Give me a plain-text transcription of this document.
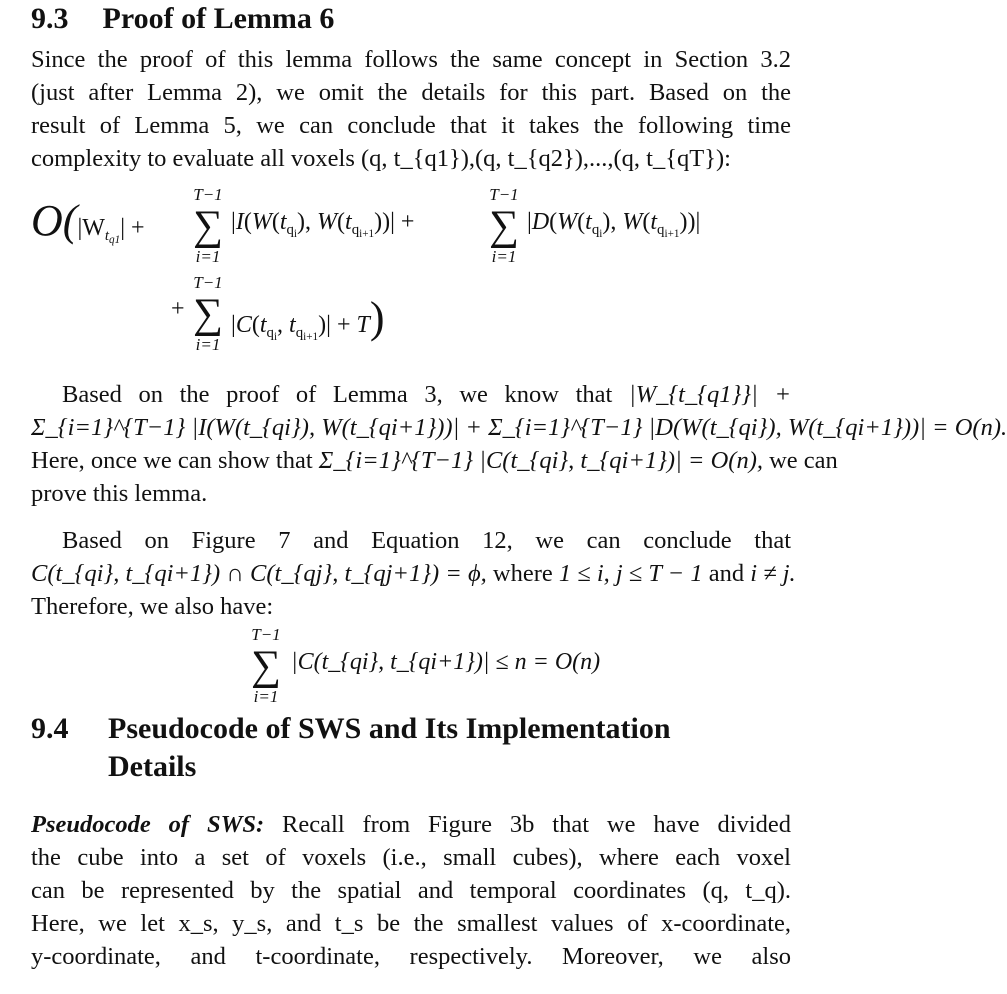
9.3 Proof of Lemma 6
Since the proof of this lemma follows the same concept in Section 3.2
(just after Lemma 2), we omit the details for this part. Based on the
result of Lemma 5, we can conclude that it takes the following time
complexity to evaluate all voxels (q, t_{q1}),(q, t_{q2}),...,(q, t_{qT}):
$O(|W_{tq1}|$ +
T−1
∑
i=1
$|I(W(t_{qi})$, $W(t_{qi+1}))|$ +
T−1
∑
i=1
$|D(W(t_{qi})$, $W(t_{qi+1}))|$
+
T−1
∑
i=1
$|C(t_{qi}$, $t_{qi+1})| + T$)
Based on the proof of Lemma 3, we know that |W_{t_{q1}}| +
Σ_{i=1}^{T−1} |I(W(t_{qi}), W(t_{qi+1}))| + Σ_{i=1}^{T−1} |D(W(t_{qi}), W(t_{qi+1}))| = O(n).
Here, once we can show that Σ_{i=1}^{T−1} |C(t_{qi}, t_{qi+1})| = O(n), we can
prove this lemma.
Based on Figure 7 and Equation 12, we can conclude that
C(t_{qi}, t_{qi+1}) ∩ C(t_{qj}, t_{qj+1}) = ϕ, where 1 ≤ i, j ≤ T − 1 and i ≠ j.
Therefore, we also have:
T−1
∑
i=1
|C(t_{qi}, t_{qi+1})| ≤ n = O(n)
9.4 Pseudocode of SWS and Its Implementation
Details
Pseudocode of SWS: Recall from Figure 3b that we have divided
the cube into a set of voxels (i.e., small cubes), where each voxel
can be represented by the spatial and temporal coordinates (q, t_q).
Here, we let x_s, y_s, and t_s be the smallest values of x-coordinate,
y-coordinate, and t-coordinate, respectively. Moreover, we also
